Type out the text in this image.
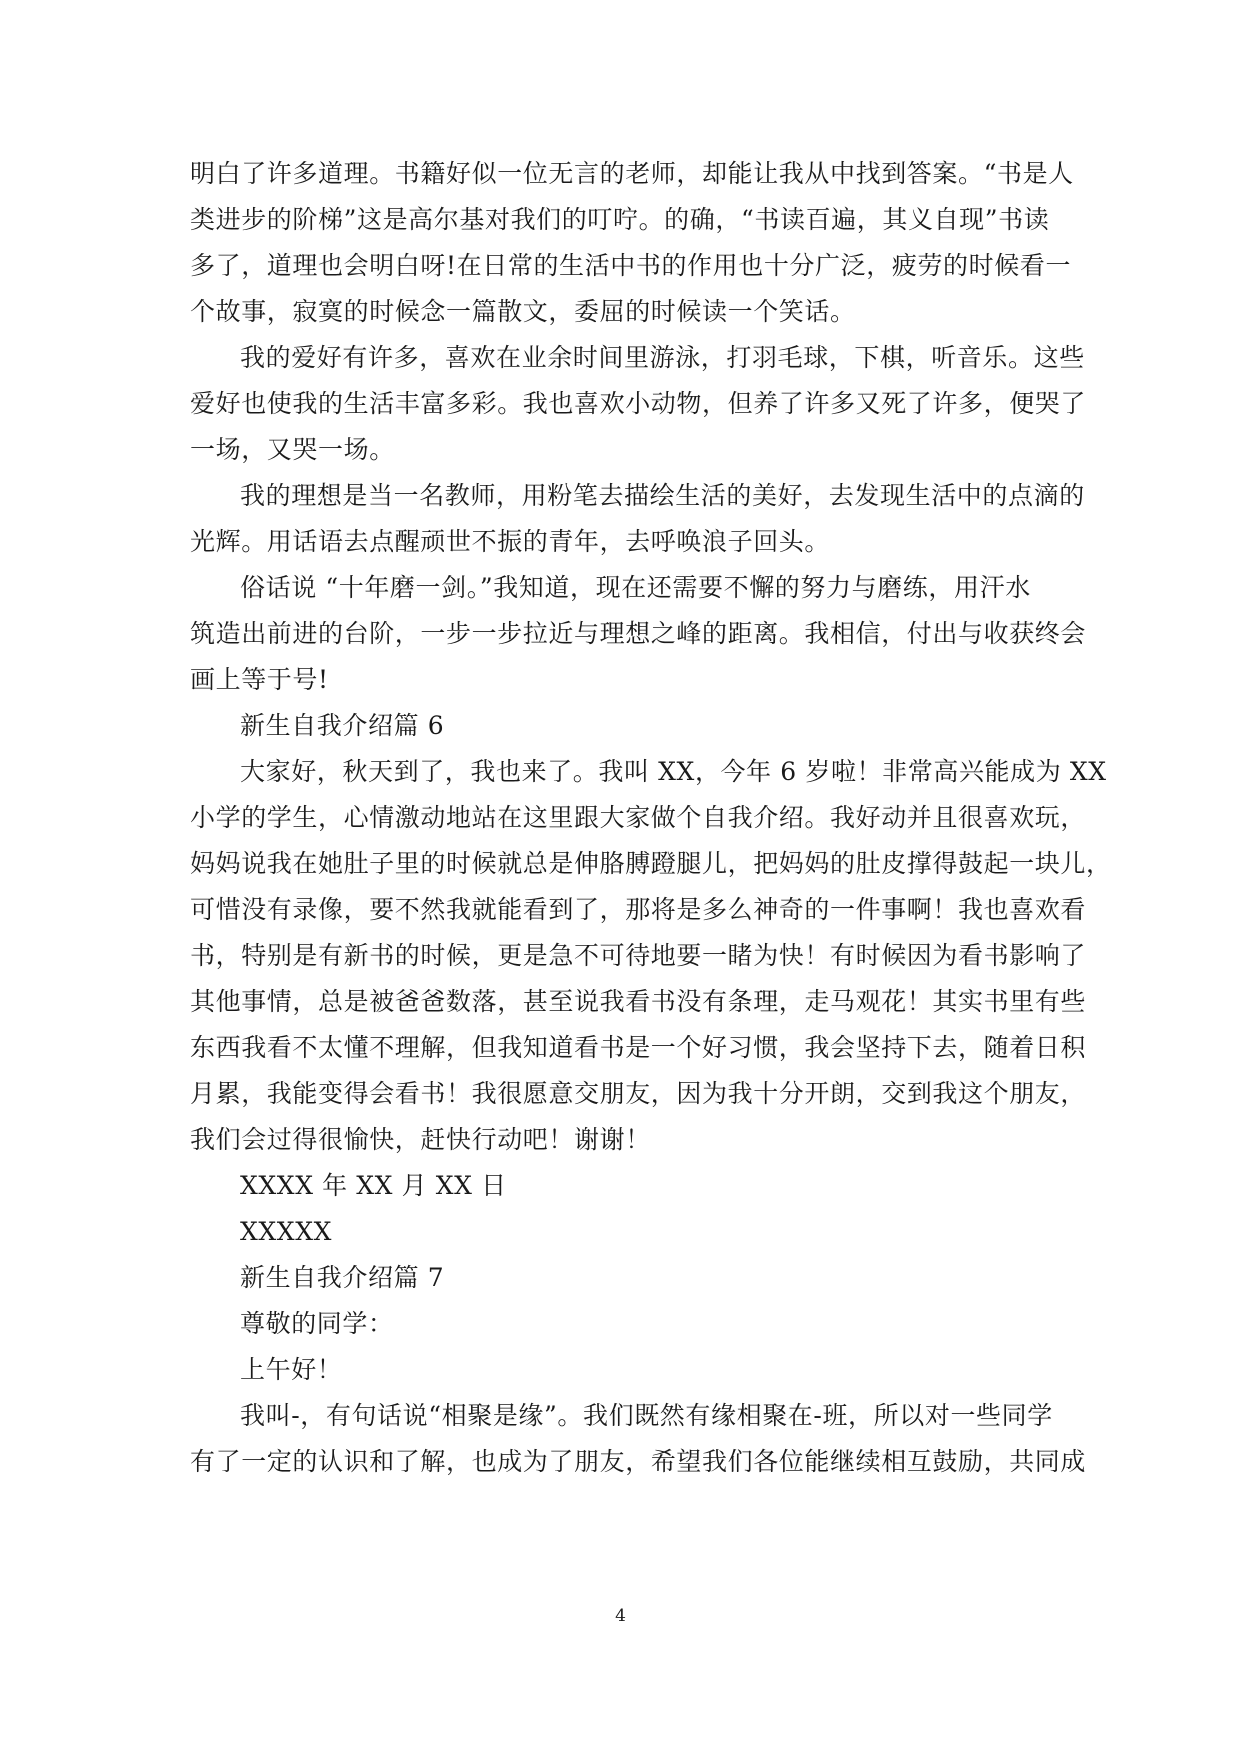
明白了许多道理。书籍好似一位无言的老师，却能让我从中找到答案。“书是人
类进步的阶梯”这是高尔基对我们的叮咛。的确，“书读百遍，其义自现”书读
多了，道理也会明白呀!在日常的生活中书的作用也十分广泛，疲劳的时候看一
个故事，寂寞的时候念一篇散文，委屈的时候读一个笑话。
我的爱好有许多，喜欢在业余时间里游泳，打羽毛球，下棋，听音乐。这些
爱好也使我的生活丰富多彩。我也喜欢小动物，但养了许多又死了许多，便哭了
一场，又哭一场。
我的理想是当一名教师，用粉笔去描绘生活的美好，去发现生活中的点滴的
光辉。用话语去点醒顽世不振的青年，去呼唤浪子回头。
俗话说 “十年磨一剑。”我知道，现在还需要不懈的努力与磨练，用汗水
筑造出前进的台阶，一步一步拉近与理想之峰的距离。我相信，付出与收获终会
画上等于号!
新生自我介绍篇 6
大家好，秋天到了，我也来了。我叫 XX，今年 6 岁啦！非常高兴能成为 XX
小学的学生，心情激动地站在这里跟大家做个自我介绍。我好动并且很喜欢玩，
妈妈说我在她肚子里的时候就总是伸胳膊蹬腿儿，把妈妈的肚皮撑得鼓起一块儿，
可惜没有录像，要不然我就能看到了，那将是多么神奇的一件事啊！我也喜欢看
书，特别是有新书的时候，更是急不可待地要一睹为快！有时候因为看书影响了
其他事情，总是被爸爸数落，甚至说我看书没有条理，走马观花！其实书里有些
东西我看不太懂不理解，但我知道看书是一个好习惯，我会坚持下去，随着日积
月累，我能变得会看书！我很愿意交朋友，因为我十分开朗，交到我这个朋友，
我们会过得很愉快，赶快行动吧！谢谢！
XXXX 年 XX 月 XX 日
XXXXX
新生自我介绍篇 7
尊敬的同学：
上午好！
我叫-，有句话说“相聚是缘”。我们既然有缘相聚在-班，所以对一些同学
有了一定的认识和了解，也成为了朋友，希望我们各位能继续相互鼓励，共同成
4
